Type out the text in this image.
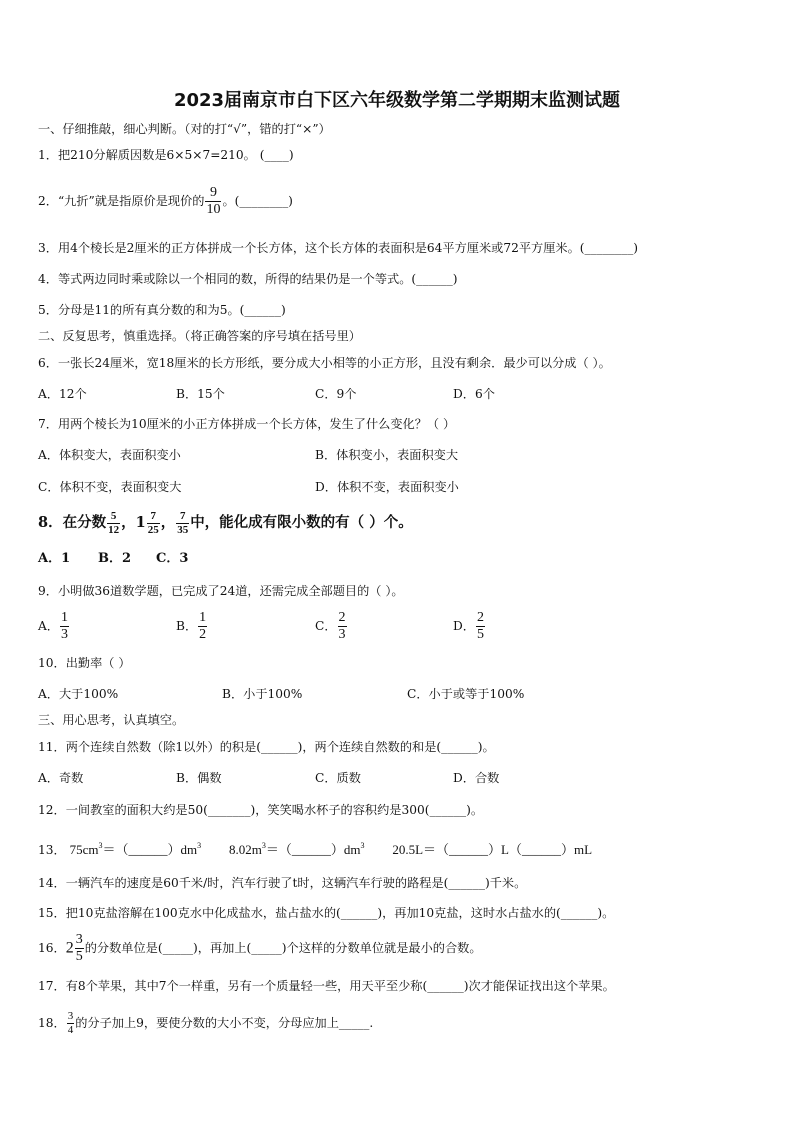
2023届南京市白下区六年级数学第二学期期末监测试题
一、仔细推敲，细心判断。（对的打“√”，错的打“×”）
1．把210分解质因数是6×5×7=210。 (____)
2．“九折”就是指原价是现价的 $\frac{9}{10}$ 。(________)
3．用4个棱长是2厘米的正方体拼成一个长方体，这个长方体的表面积是64平方厘米或72平方厘米。(________)
4．等式两边同时乘或除以一个相同的数，所得的结果仍是一个等式。(______)
5．分母是11的所有真分数的和为5。(______)
二、反复思考，慎重选择。（将正确答案的序号填在括号里）
6．一张长24厘米，宽18厘米的长方形纸，要分成大小相等的小正方形，且没有剩余．最少可以分成（ ）。
A．12个	B．15个	C．9个	D．6个
7．用两个棱长为10厘米的小正方体拼成一个长方体，发生了什么变化？（ ）
A．体积变大，表面积变小	B．体积变小，表面积变大
C．体积不变，表面积变大	D．体积不变，表面积变小
8．在分数 $\frac{5}{12}$ ，$1 \frac{7}{25}$ ， $\frac{7}{35}$ 中，能化成有限小数的有（ ）个。
A．1 B．2 C．3
9．小明做36道数学题，已完成了24道，还需完成全部题目的（ ）。
A． $\frac{1}{3}$	B． $\frac{1}{2}$	C． $\frac{2}{3}$	D． $\frac{2}{5}$
10．出勤率（ ）
A．大于100%	B．小于100%	C．小于或等于100%
三、用心思考，认真填空。
11．两个连续自然数（除1以外）的积是(______)，两个连续自然数的和是(______)。
A．奇数	B．偶数	C．质数	D．合数
12．一间教室的面积大约是50(_______)，笑笑喝水杯子的容积约是300(______)。
13． $75cm^3=(\_\_\_\_\_\_)dm^3$ $8.02m^3=(\_\_\_\_\_\_)dm^3$ 20.5L＝（______）L（______）mL
14．一辆汽车的速度是60千米/时，汽车行驶了t时，这辆汽车行驶的路程是(______)千米。
15．把10克盐溶解在100克水中化成盐水，盐占盐水的(______)，再加10克盐，这时水占盐水的(______)。
16．$2 \frac{3}{5}$ 的分数单位是(_____)，再加上(_____)个这样的分数单位就是最小的合数。
17．有8个苹果，其中7个一样重，另有一个质量轻一些，用天平至少称(______)次才能保证找出这个苹果。
18． $\frac{3}{4}$ 的分子加上9，要使分数的大小不变，分母应加上_____.
